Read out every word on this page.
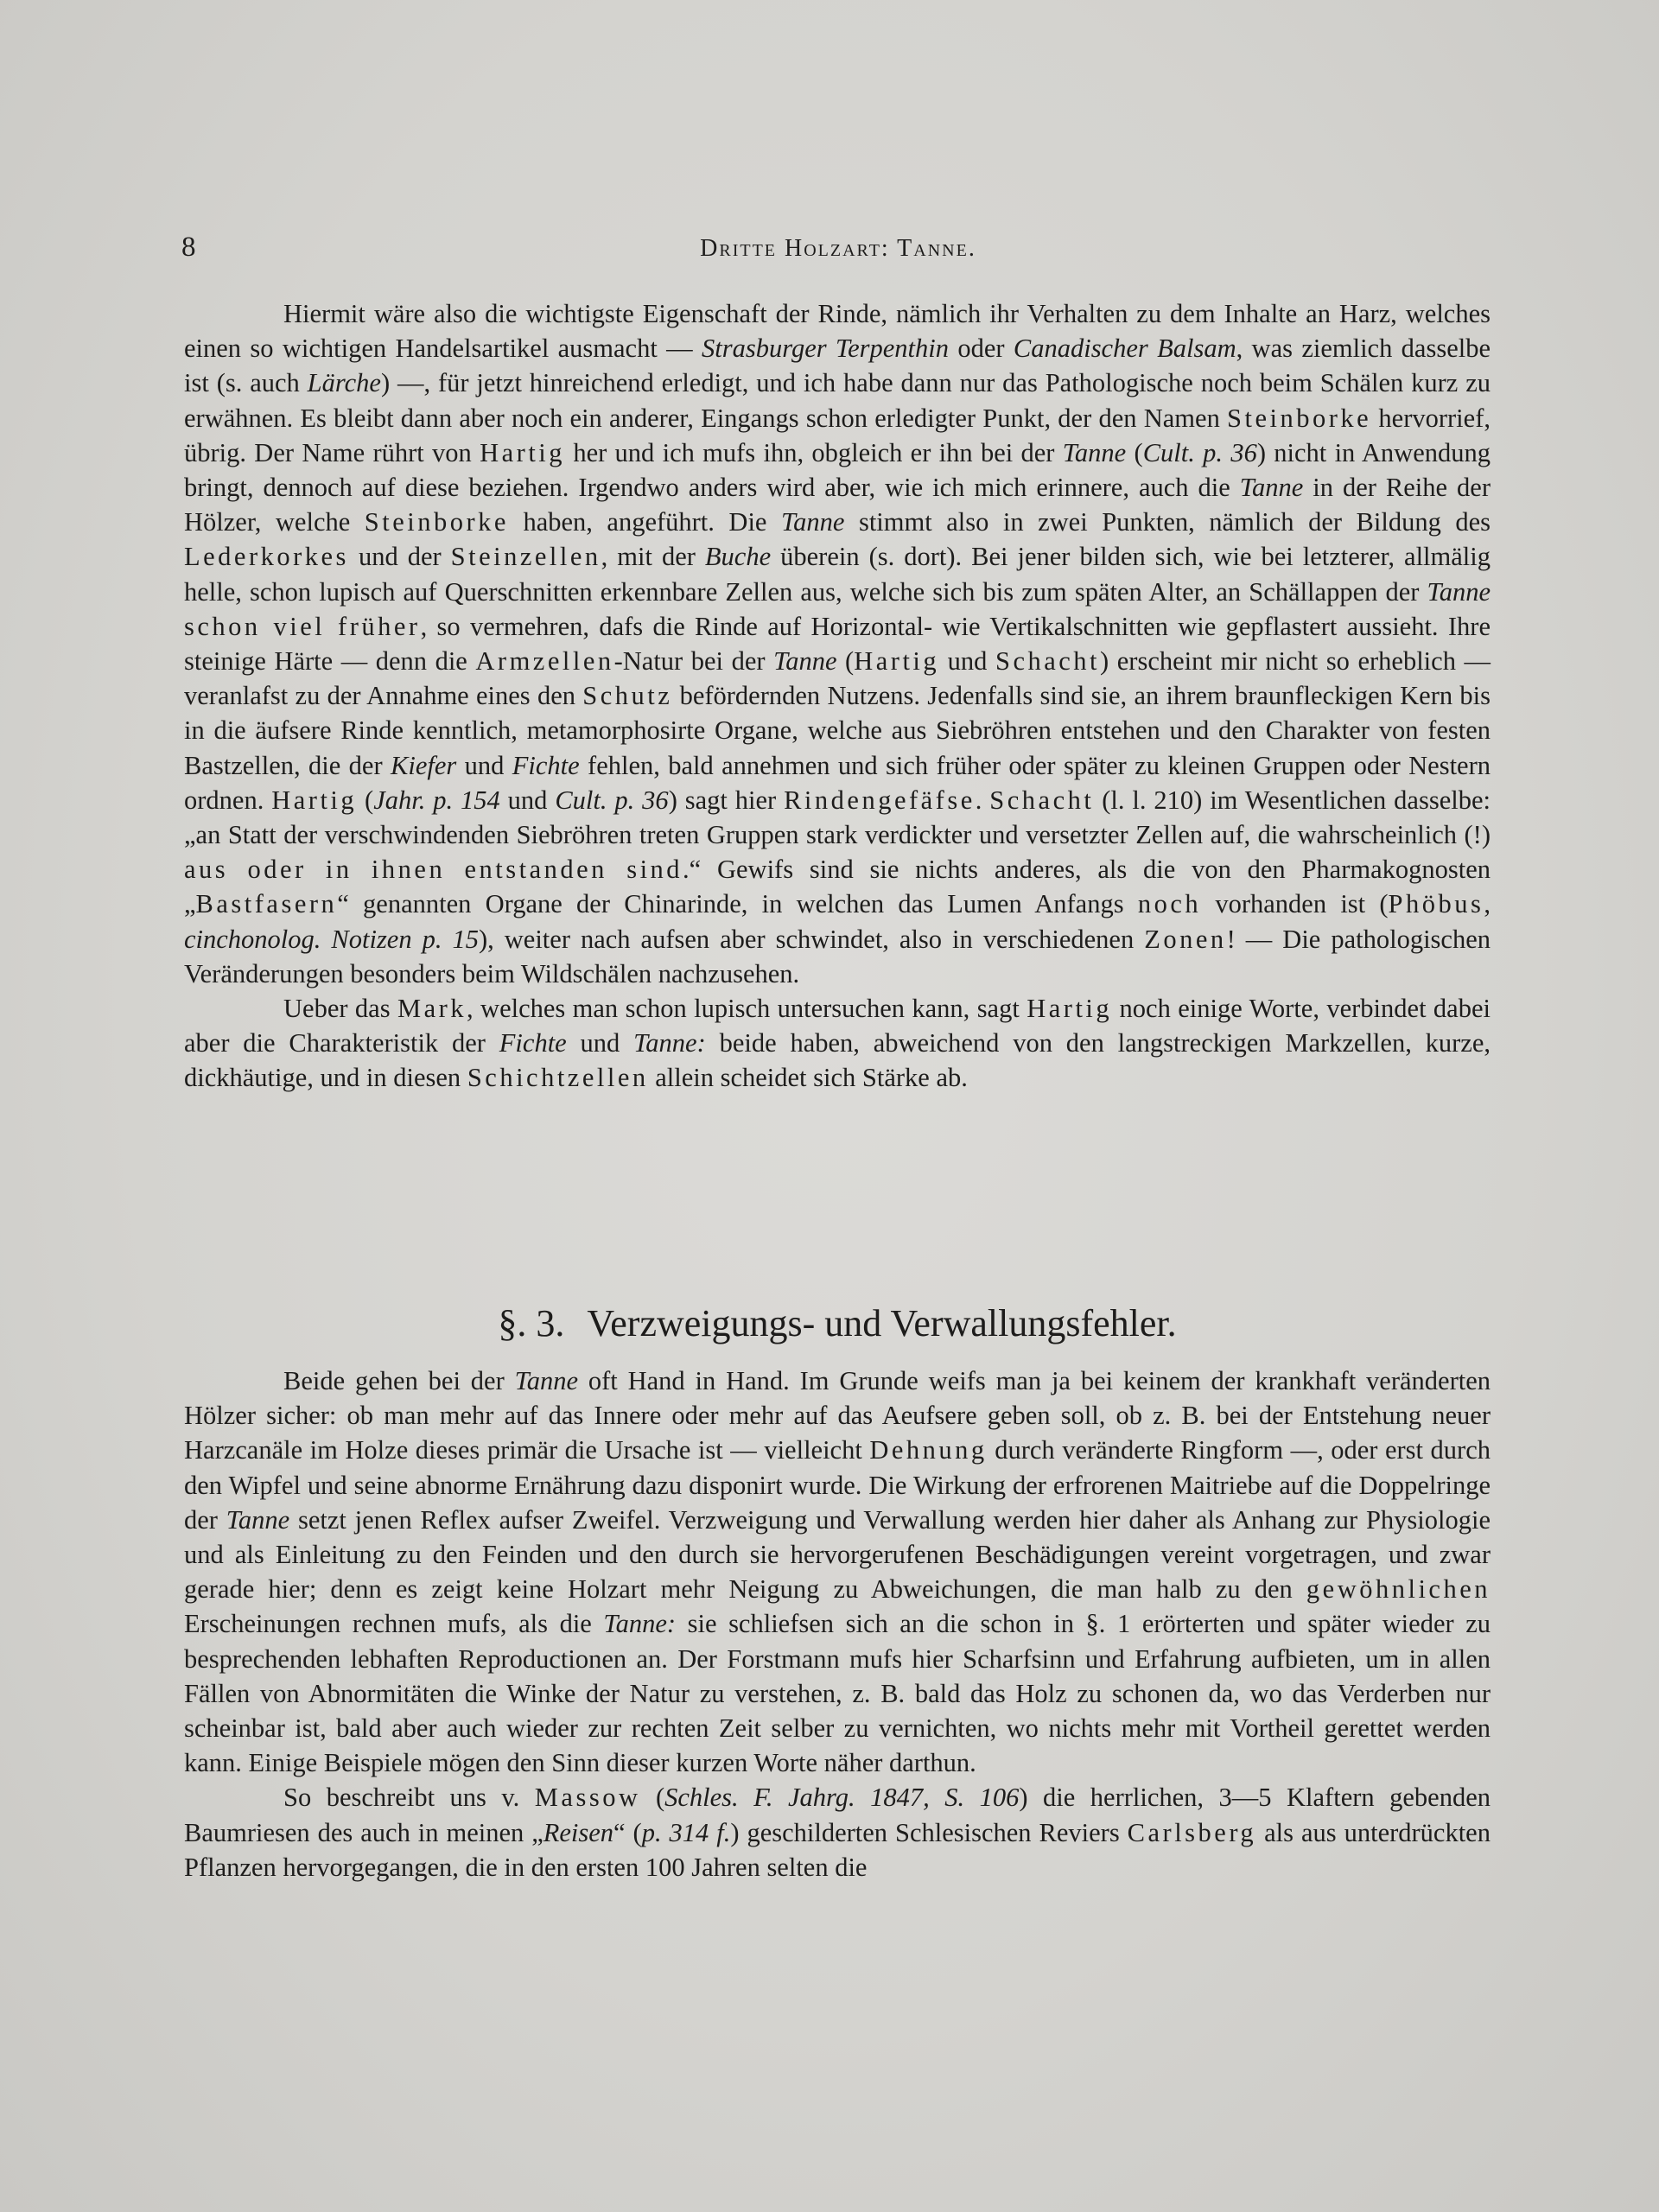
8	Dritte Holzart: Tanne.

Hiermit wäre also die wichtigste Eigenschaft der Rinde, nämlich ihr Verhalten zu dem Inhalte an Harz, welches einen so wichtigen Handelsartikel ausmacht — Strasburger Terpenthin oder Canadischer Balsam, was ziemlich dasselbe ist (s. auch Lärche) —, für jetzt hinreichend erledigt, und ich habe dann nur das Pathologische noch beim Schälen kurz zu erwähnen. Es bleibt dann aber noch ein anderer, Eingangs schon erledigter Punkt, der den Namen Steinborke hervorrief, übrig. Der Name rührt von Hartig her und ich mufs ihn, obgleich er ihn bei der Tanne (Cult. p. 36) nicht in Anwendung bringt, dennoch auf diese beziehen. Irgendwo anders wird aber, wie ich mich erinnere, auch die Tanne in der Reihe der Hölzer, welche Steinborke haben, angeführt. Die Tanne stimmt also in zwei Punkten, nämlich der Bildung des Lederkorkes und der Steinzellen, mit der Buche überein (s. dort). Bei jener bilden sich, wie bei letzterer, allmälig helle, schon lupisch auf Querschnitten erkennbare Zellen aus, welche sich bis zum späten Alter, an Schällappen der Tanne schon viel früher, so vermehren, dafs die Rinde auf Horizontal- wie Vertikalschnitten wie gepflastert aussieht. Ihre steinige Härte — denn die Armzellen-Natur bei der Tanne (Hartig und Schacht) erscheint mir nicht so erheblich — veranlafst zu der Annahme eines den Schutz befördernden Nutzens. Jedenfalls sind sie, an ihrem braunfleckigen Kern bis in die äufsere Rinde kenntlich, metamorphosirte Organe, welche aus Siebröhren entstehen und den Charakter von festen Bastzellen, die der Kiefer und Fichte fehlen, bald annehmen und sich früher oder später zu kleinen Gruppen oder Nestern ordnen. Hartig (Jahr. p. 154 und Cult. p. 36) sagt hier Rindengefäfse. Schacht (l. l. 210) im Wesentlichen dasselbe: „an Statt der verschwindenden Siebröhren treten Gruppen stark verdickter und versetzter Zellen auf, die wahrscheinlich (!) aus oder in ihnen entstanden sind.“ Gewifs sind sie nichts anderes, als die von den Pharmakognosten „Bastfasern“ genannten Organe der Chinarinde, in welchen das Lumen Anfangs noch vorhanden ist (Phöbus, cinchonolog. Notizen p. 15), weiter nach aufsen aber schwindet, also in verschiedenen Zonen! — Die pathologischen Veränderungen besonders beim Wildschälen nachzusehen.

Ueber das Mark, welches man schon lupisch untersuchen kann, sagt Hartig noch einige Worte, verbindet dabei aber die Charakteristik der Fichte und Tanne: beide haben, abweichend von den langstreckigen Markzellen, kurze, dickhäutige, und in diesen Schichtzellen allein scheidet sich Stärke ab.

§. 3. Verzweigungs- und Verwallungsfehler.

Beide gehen bei der Tanne oft Hand in Hand. Im Grunde weifs man ja bei keinem der krankhaft veränderten Hölzer sicher: ob man mehr auf das Innere oder mehr auf das Aeufsere geben soll, ob z. B. bei der Entstehung neuer Harzcanäle im Holze dieses primär die Ursache ist — vielleicht Dehnung durch veränderte Ringform —, oder erst durch den Wipfel und seine abnorme Ernährung dazu disponirt wurde. Die Wirkung der erfrorenen Maitriebe auf die Doppelringe der Tanne setzt jenen Reflex aufser Zweifel. Verzweigung und Verwallung werden hier daher als Anhang zur Physiologie und als Einleitung zu den Feinden und den durch sie hervorgerufenen Beschädigungen vereint vorgetragen, und zwar gerade hier; denn es zeigt keine Holzart mehr Neigung zu Abweichungen, die man halb zu den gewöhnlichen Erscheinungen rechnen mufs, als die Tanne: sie schliefsen sich an die schon in §. 1 erörterten und später wieder zu besprechenden lebhaften Reproductionen an. Der Forstmann mufs hier Scharfsinn und Erfahrung aufbieten, um in allen Fällen von Abnormitäten die Winke der Natur zu verstehen, z. B. bald das Holz zu schonen da, wo das Verderben nur scheinbar ist, bald aber auch wieder zur rechten Zeit selber zu vernichten, wo nichts mehr mit Vortheil gerettet werden kann. Einige Beispiele mögen den Sinn dieser kurzen Worte näher darthun.

So beschreibt uns v. Massow (Schles. F. Jahrg. 1847, S. 106) die herrlichen, 3—5 Klaftern gebenden Baumriesen des auch in meinen „Reisen“ (p. 314 f.) geschilderten Schlesischen Reviers Carlsberg als aus unterdrückten Pflanzen hervorgegangen, die in den ersten 100 Jahren selten die
